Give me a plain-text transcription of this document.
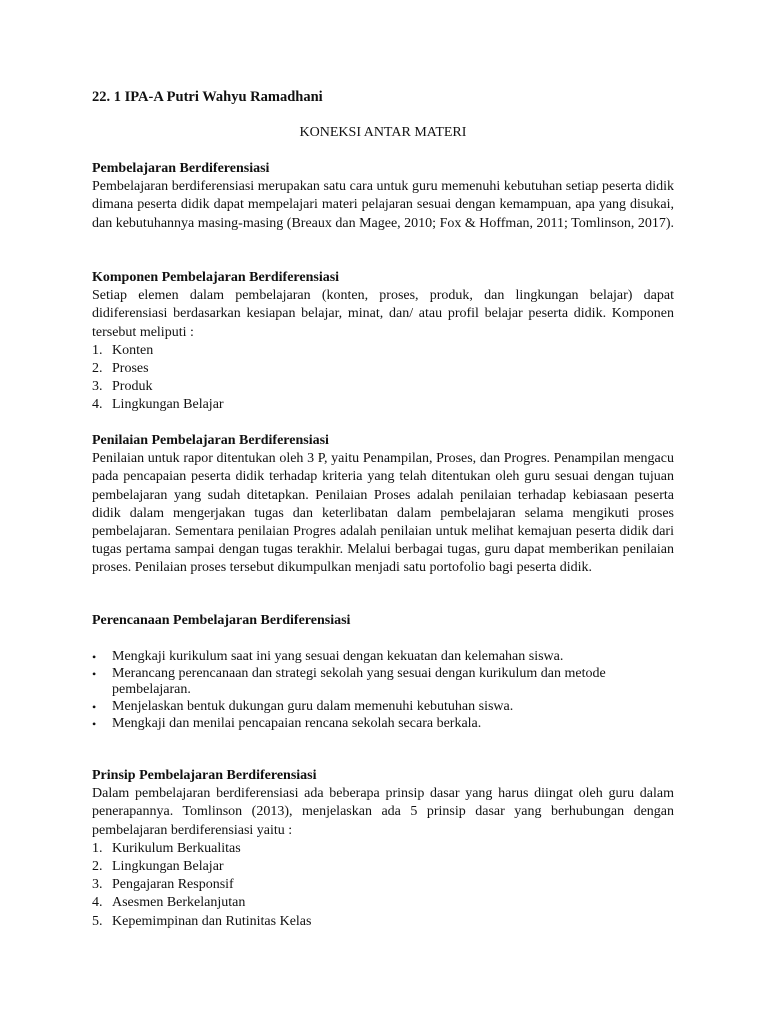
22. 1 IPA-A Putri Wahyu Ramadhani

KONEKSI ANTAR MATERI

Pembelajaran Berdiferensiasi

Pembelajaran berdiferensiasi merupakan satu cara untuk guru memenuhi kebutuhan setiap peserta didik dimana peserta didik dapat mempelajari materi pelajaran sesuai dengan kemampuan, apa yang disukai, dan kebutuhannya masing-masing (Breaux dan Magee, 2010; Fox & Hoffman, 2011; Tomlinson, 2017).

Komponen Pembelajaran Berdiferensiasi

Setiap elemen dalam pembelajaran (konten, proses, produk, dan lingkungan belajar) dapat didiferensiasi berdasarkan kesiapan belajar, minat, dan/ atau profil belajar peserta didik. Komponen tersebut meliputi :

1. Konten
2. Proses
3. Produk
4. Lingkungan Belajar

Penilaian Pembelajaran Berdiferensiasi

Penilaian untuk rapor ditentukan oleh 3 P, yaitu Penampilan, Proses, dan Progres. Penampilan mengacu pada pencapaian peserta didik terhadap kriteria yang telah ditentukan oleh guru sesuai dengan tujuan pembelajaran yang sudah ditetapkan. Penilaian Proses adalah penilaian terhadap kebiasaan peserta didik dalam mengerjakan tugas dan keterlibatan dalam pembelajaran selama mengikuti proses pembelajaran. Sementara penilaian Progres adalah penilaian untuk melihat kemajuan peserta didik dari tugas pertama sampai dengan tugas terakhir. Melalui berbagai tugas, guru dapat memberikan penilaian proses. Penilaian proses tersebut dikumpulkan menjadi satu portofolio bagi peserta didik.

Perencanaan Pembelajaran Berdiferensiasi

• Mengkaji kurikulum saat ini yang sesuai dengan kekuatan dan kelemahan siswa.
• Merancang perencanaan dan strategi sekolah yang sesuai dengan kurikulum dan metode pembelajaran.
• Menjelaskan bentuk dukungan guru dalam memenuhi kebutuhan siswa.
• Mengkaji dan menilai pencapaian rencana sekolah secara berkala.

Prinsip Pembelajaran Berdiferensiasi

Dalam pembelajaran berdiferensiasi ada beberapa prinsip dasar yang harus diingat oleh guru dalam penerapannya. Tomlinson (2013), menjelaskan ada 5 prinsip dasar yang berhubungan dengan pembelajaran berdiferensiasi yaitu :

1. Kurikulum Berkualitas
2. Lingkungan Belajar
3. Pengajaran Responsif
4. Asesmen Berkelanjutan
5. Kepemimpinan dan Rutinitas Kelas
